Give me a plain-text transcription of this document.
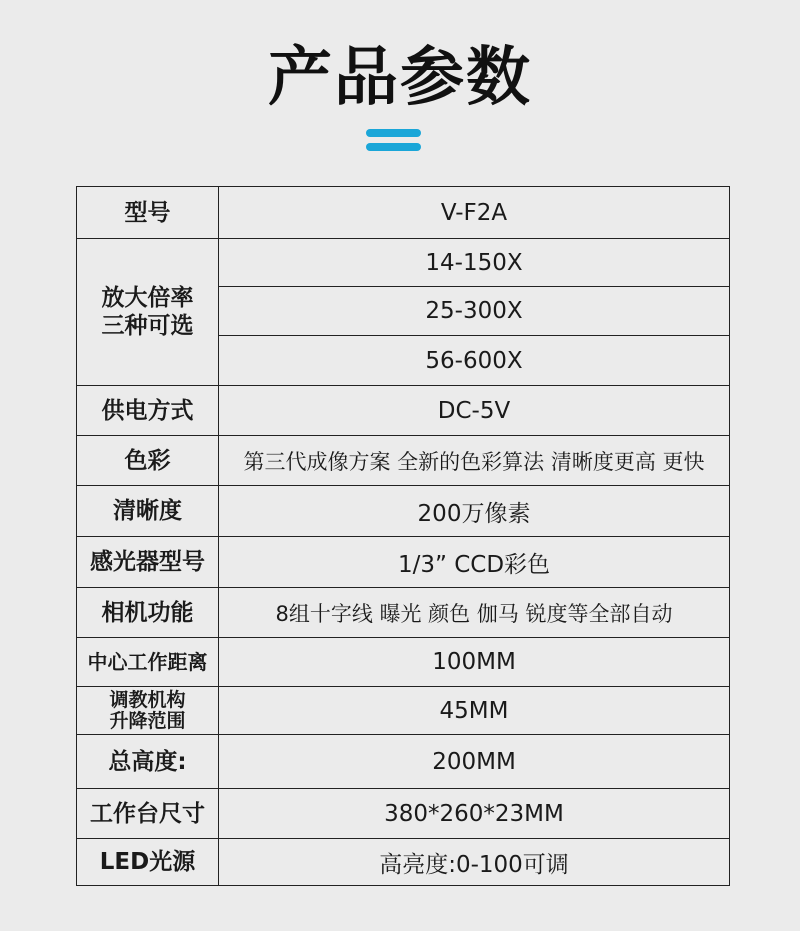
产品参数
型号	V-F2A

放大倍率
三种可选	14-150X
	25-300X
	56-600X
供电方式	DC-5V
色彩	第三代成像方案 全新的色彩算法 清晰度更高 更快
清晰度	200万像素
感光器型号	1/3” CCD彩色
相机功能	8组十字线 曝光 颜色 伽马 锐度等全部自动
中心工作距离	100MM

调教机构
升降范围	45MM
总高度:	200MM
工作台尺寸	380*260*23MM
LED光源	高亮度:0-100可调
